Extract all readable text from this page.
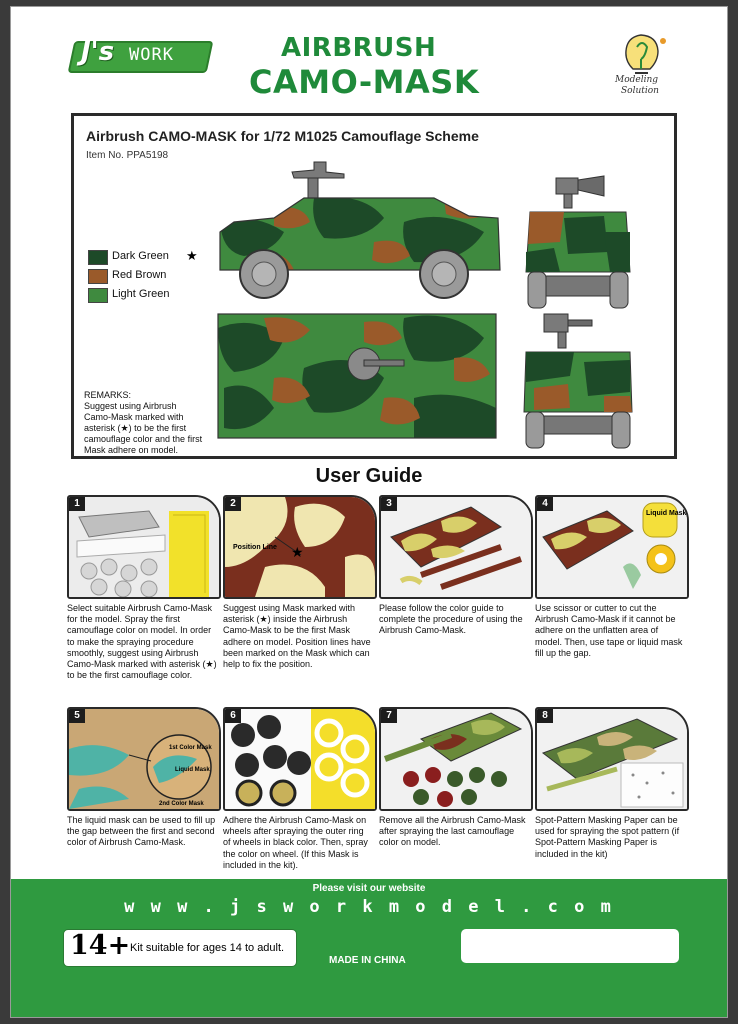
J's WORK	AIRBRUSH
CAMO-MASK	Modeling
Solution
Airbrush CAMO-MASK for 1/72 M1025 Camouflage Scheme
Item No. PPA5198
Dark Green ★
Red Brown
Light Green
REMARKS:
Suggest using Airbrush
Camo-Mask marked with
asterisk (★) to be the first
camouflage color and the first
Mask adhere on model.
User Guide
1
Select suitable Airbrush Camo-Mask for the model. Spray the first camouflage color on model. In order to make the spraying procedure smoothly, suggest using Airbrush Camo-Mask marked with asterisk (★) to be the first camouflage color.
2
★
Position Line
Suggest using Mask marked with asterisk (★) inside the Airbrush Camo-Mask to be the first Mask adhere on model. Position lines have been marked on the Mask which can help to fix the position.
3
Please follow the color guide to complete the procedure of using the Airbrush Camo-Mask.
4
Liquid Mask
Use scissor or cutter to cut the Airbrush Camo-Mask if it cannot be adhere on the unflatten area of model. Then, use tape or liquid mask fill up the gap.
5
1st Color Mask
Liquid Mask
2nd Color Mask
The liquid mask can be used to fill up the gap between the first and second color of Airbrush Camo-Mask.
6
Adhere the Airbrush Camo-Mask on wheels after spraying the outer ring of wheels in black color. Then, spray the color on wheel. (If this Mask is included in the kit).
7
Remove all the Airbrush Camo-Mask after spraying the last camouflage color on model.
8
Spot-Pattern Masking Paper can be used for spraying the spot pattern (if Spot-Pattern Masking Paper is included in the kit)
Please visit our website
w w w . j s w o r k m o d e l . c o m
14+ Kit suitable for ages 14 to adult.
MADE IN CHINA
